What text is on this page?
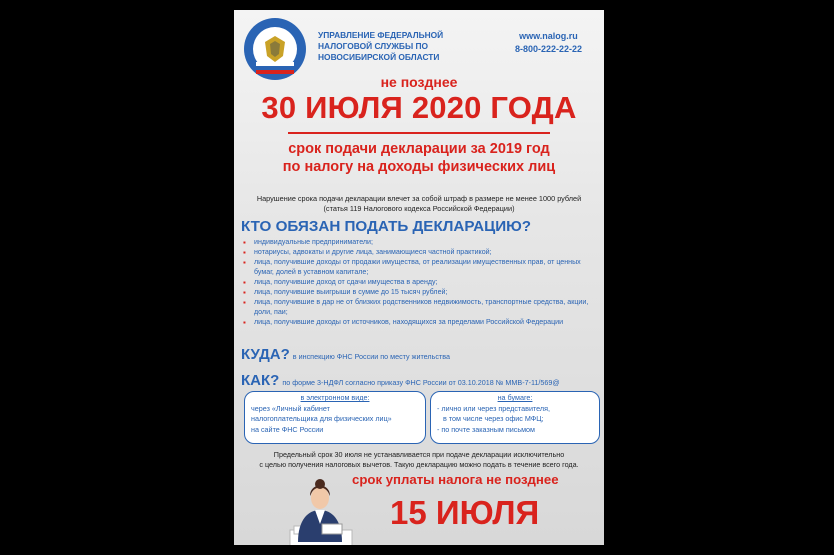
УПРАВЛЕНИЕ ФЕДЕРАЛЬНОЙ НАЛОГОВОЙ СЛУЖБЫ ПО НОВОСИБИРСКОЙ ОБЛАСТИ
www.nalog.ru
8-800-222-22-22
не позднее
30 ИЮЛЯ 2020 ГОДА
срок подачи декларации за 2019 год
по налогу на доходы физических лиц
Нарушение срока подачи декларации влечет за собой штраф в размере не менее 1000 рублей
(статья 119 Налогового кодекса Российской Федерации)
КТО ОБЯЗАН ПОДАТЬ ДЕКЛАРАЦИЮ?
▪ индивидуальные предприниматели;
▪ нотариусы, адвокаты и другие лица, занимающиеся частной практикой;
▪ лица, получившие доходы от продажи имущества, от реализации имущественных прав, от ценных бумаг, долей в уставном капитале;
▪ лица, получившие доход от сдачи имущества в аренду;
▪ лица, получившие выигрыши в сумме до 15 тысяч рублей;
▪ лица, получившие в дар не от близких родственников недвижимость, транспортные средства, акции, доли, паи;
▪ лица, получившие доходы от источников, находящихся за пределами Российской Федерации
КУДА? в инспекцию ФНС России по месту жительства
КАК? по форме 3-НДФЛ согласно приказу ФНС России от 03.10.2018 № ММВ-7-11/569@
в электронном виде:
через «Личный кабинет
налогоплательщика для физических лиц»
на сайте ФНС России
на бумаге:
- лично или через представителя,
в том числе через офис МФЦ;
- по почте заказным письмом
Предельный срок 30 июля не устанавливается при подаче декларации исключительно
с целью получения налоговых вычетов. Такую декларацию можно подать в течение всего года.
срок уплаты налога не позднее
15 ИЮЛЯ
